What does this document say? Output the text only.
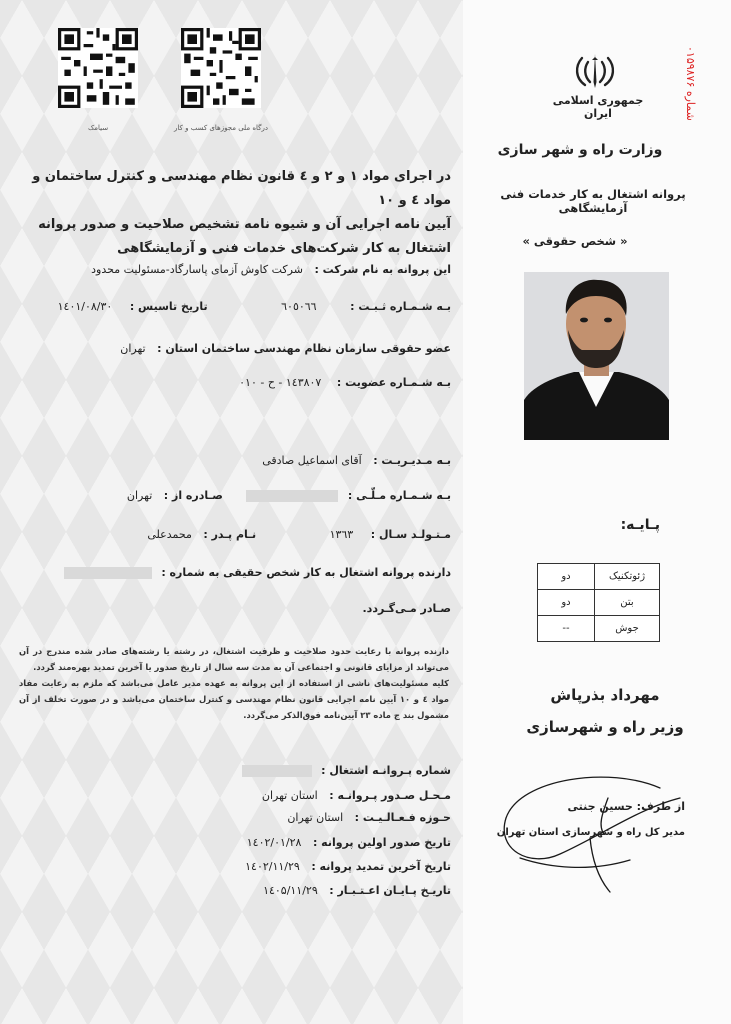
سیامک	درگاه ملی مجوزهای کسب و کار
شماره ۰۱۵۹۸۷۶
جمهوری اسلامی ایران
وزارت راه و شهر سازی
پروانه اشتغال به کار خدمات فنی آزمایشگاهی
« شخص حقوقی »
در اجرای مواد ۱ و ۲ و ٤ قانون نظام مهندسی و کنترل ساختمان و مواد ٤ و ۱۰
آیین نامه اجرایی آن و شیوه نامه تشخیص صلاحیت و صدور پروانه
اشتغال به کار شرکت‌های خدمات فنی و آزمایشگاهی
این پروانه به نام شرکت : شرکت کاوش آزمای پاسارگاد-مسئولیت محدود
بـه شـمـاره ثـبـت : ٦٠٥٠٦٦ تاریخ تاسیس : ۱٤۰۱/۰۸/۳۰
عضو حقوقی سازمان نظام مهندسی ساختمان استان : تهران
بـه شـمـاره عضویت : ۱٤۳۸۰۷ - ح - ۰۱۰
بـه مـدیـریـت : آقای اسماعیل صادقی
بـه شـمـاره مـلّـی :  صـادره از : تهران
مـتـولـد سـال : ۱۳٦۳ نـام پـدر : محمدعلی
دارنده پروانه اشتغال به کار شخص حقیقی به شماره :
صـادر مـی‌گـردد.
دارنده پروانه با رعایت حدود صلاحیت و ظرفیت اشتغال، در رشته یا رشته‌های صادر شده مندرج در آن می‌تواند از مزایای قانونی و اجتماعی آن به مدت سه سال از تاریخ صدور یا آخرین تمدید بهره‌مند گردد.
کلیه مسئولیت‌های ناشی از استفاده از این پروانه به عهده مدیر عامل می‌باشد که ملزم به رعایت مفاد مواد ٤ و ۱۰ آیین نامه اجرایی قانون نظام مهندسی و کنترل ساختمان می‌باشد و در صورت تخلف از آن مشمول بند ج ماده ۲۳ آیین‌نامه فوق‌الذکر می‌گردد.
شماره پـروانـه اشتغال :
مـحـل صـدور پـروانـه : استان تهران
حـوزه فـعـالـیـت : استان تهران
تاریخ صدور اولین پروانه : ۱٤۰۲/۰۱/۲۸
تاریخ آخرین تمدید پروانه : ۱٤۰۲/۱۱/۲۹
تاریـخ پـایـان اعـتـبـار : ۱٤۰۵/۱۱/۲۹
پـایـه:
ژئوتکنیک	دو
بتن	دو
جوش	--
مهرداد بذرپاش
وزیر راه و شهرسازی
از طرف: حسین جنتی
مدیر کل راه و شهرسازی استان تهران
